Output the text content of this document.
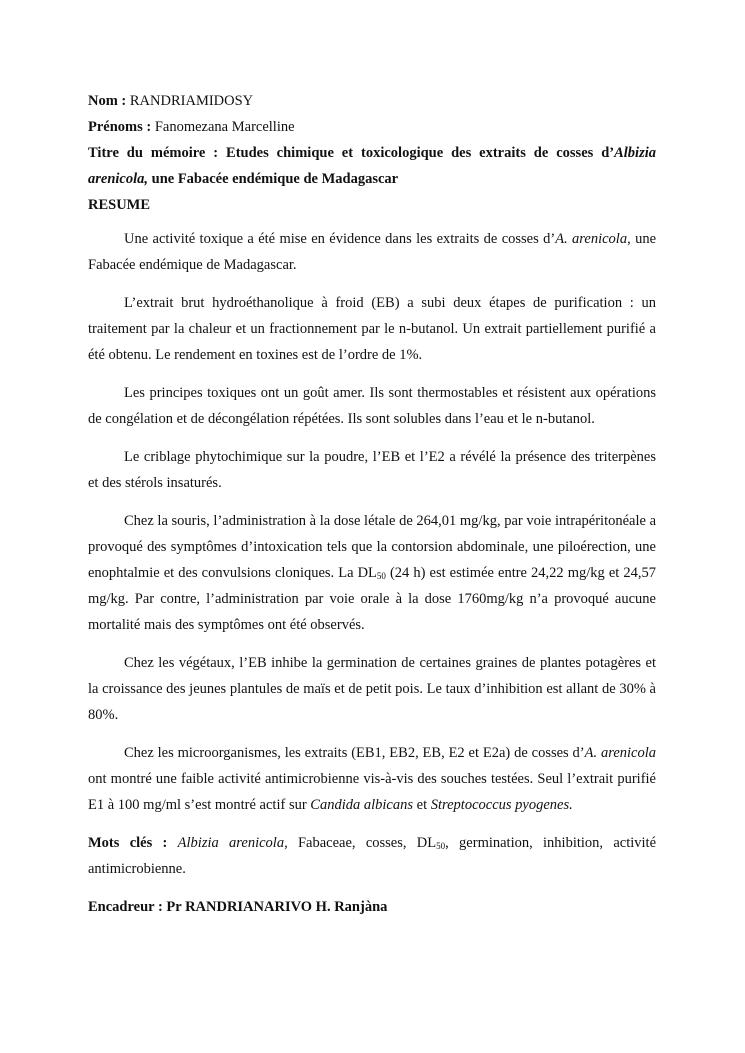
Nom : RANDRIAMIDOSY

Prénoms : Fanomezana Marcelline

Titre du mémoire : Etudes chimique et toxicologique des extraits de cosses d’Albizia

arenicola, une Fabacée endémique de Madagascar

RESUME

Une activité toxique a été mise en évidence dans les extraits de cosses d’A. arenicola, une Fabacée endémique de Madagascar.

L’extrait brut hydroéthanolique à froid (EB) a subi deux étapes de purification : un traitement par la chaleur et un fractionnement par le n-butanol. Un extrait partiellement purifié a été obtenu. Le rendement en toxines est de l’ordre de 1%.

Les principes toxiques ont un goût amer. Ils sont thermostables et résistent aux opérations de congélation et de décongélation répétées. Ils sont solubles dans l’eau et le n-butanol.

Le criblage phytochimique sur la poudre, l’EB et l’E2 a révélé la présence des triterpènes et des stérols insaturés.

Chez la souris, l’administration à la dose létale de 264,01 mg/kg, par voie intrapéritonéale a provoqué des symptômes d’intoxication tels que la contorsion abdominale, une piloérection, une enophtalmie et des convulsions cloniques. La $DL_{50}$ (24 h) est estimée entre 24,22 mg/kg et 24,57 mg/kg. Par contre, l’administration par voie orale à la dose 1760mg/kg n’a provoqué aucune mortalité mais des symptômes ont été observés.

Chez les végétaux, l’EB inhibe la germination de certaines graines de plantes potagères et la croissance des jeunes plantules de maïs et de petit pois. Le taux d’inhibition est allant de 30% à 80%.

Chez les microorganismes, les extraits (EB1, EB2, EB, E2 et E2a) de cosses d’A. arenicola ont montré une faible activité antimicrobienne vis-à-vis des souches testées. Seul l’extrait purifié E1 à 100 mg/ml s’est montré actif sur Candida albicans et Streptococcus pyogenes.

Mots clés : Albizia arenicola, Fabaceae, cosses, $DL_{50}$, germination, inhibition, activité antimicrobienne.

Encadreur : Pr RANDRIANARIVO H. Ranjàna
